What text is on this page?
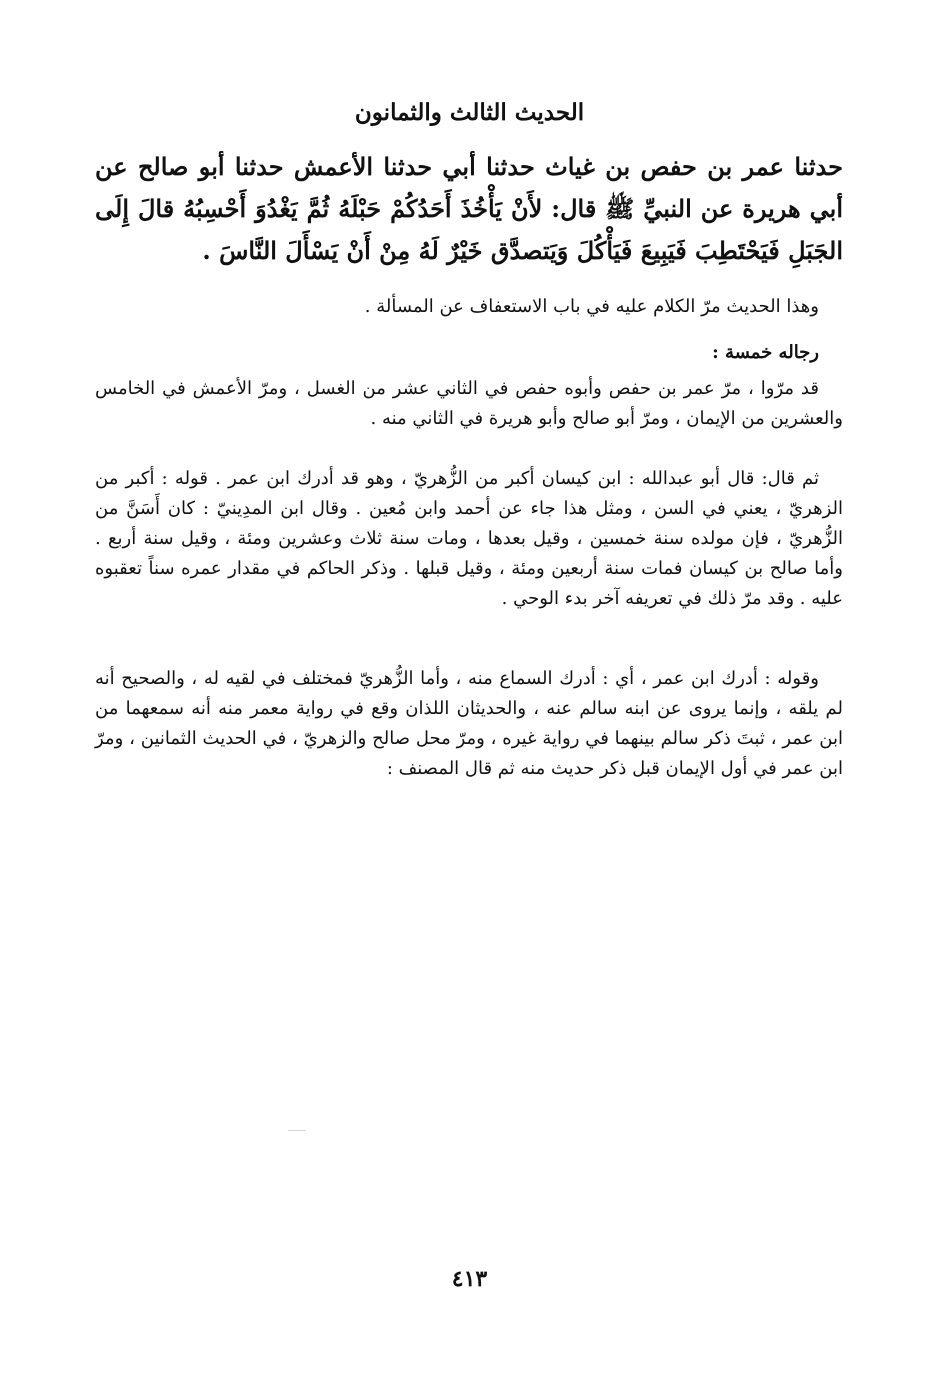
الحديث الثالث والثمانون
حدثنا عمر بن حفص بن غياث حدثنا أبي حدثنا الأعمش حدثنا أبو صالح عن أبي هريرة عن النبيِّ ﷺ قال: لأَنْ يَأْخُذَ أَحَدُكُمْ حَبْلَهُ ثُمَّ يَغْدُوَ أَحْسِبُهُ قالَ إِلَى الجَبَلِ فَيَحْتَطِبَ فَيَبِيعَ فَيَأْكُلَ وَيَتصدَّق خَيْرٌ لَهُ مِنْ أَنْ يَسْأَلَ النَّاسَ .
وهذا الحديث مرّ الكلام عليه في باب الاستعفاف عن المسألة .
رجاله خمسة :
قد مرّوا ، مرّ عمر بن حفص وأبوه حفص في الثاني عشر من الغسل ، ومرّ الأعمش في الخامس والعشرين من الإيمان ، ومرّ أبو صالح وأبو هريرة في الثاني منه .
ثم قال: قال أبو عبدالله : ابن كيسان أكبر من الزُّهريّ ، وهو قد أدرك ابن عمر . قوله : أكبر من الزهريّ ، يعني في السن ، ومثل هذا جاء عن أحمد وابن مُعين . وقال ابن المدِينيّ : كان أَسَنَّ من الزُّهريّ ، فإن مولده سنة خمسين ، وقيل بعدها ، ومات سنة ثلاث وعشرين ومئة ، وقيل سنة أربع . وأما صالح بن كيسان فمات سنة أربعين ومئة ، وقيل قبلها . وذكر الحاكم في مقدار عمره سناً تعقبوه عليه . وقد مرّ ذلك في تعريفه آخر بدء الوحي .
وقوله : أدرك ابن عمر ، أي : أدرك السماع منه ، وأما الزُّهريّ فمختلف في لقيه له ، والصحيح أنه لم يلقه ، وإنما يروى عن ابنه سالم عنه ، والحديثان اللذان وقع في رواية معمر منه أنه سمعهما من ابن عمر ، ثبتَ ذكر سالم بينهما في رواية غيره ، ومرّ محل صالح والزهريّ ، في الحديث الثمانين ، ومرّ ابن عمر في أول الإيمان قبل ذكر حديث منه ثم قال المصنف :
٤١٣
